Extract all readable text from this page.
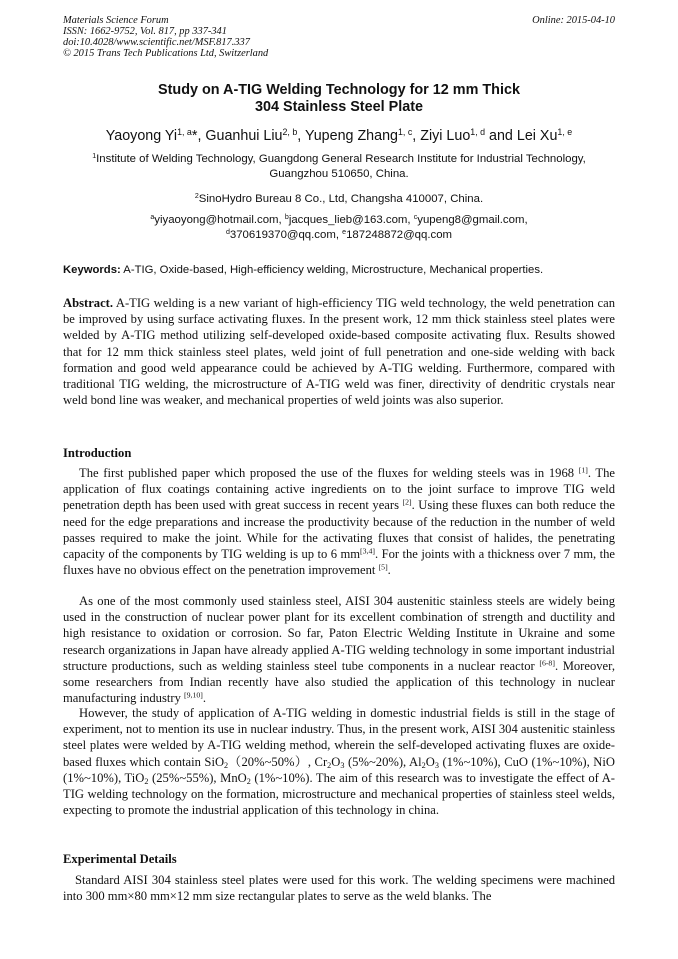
Materials Science Forum
ISSN: 1662-9752, Vol. 817, pp 337-341
doi:10.4028/www.scientific.net/MSF.817.337
© 2015 Trans Tech Publications Ltd, Switzerland
Online: 2015-04-10
Study on A-TIG Welding Technology for 12 mm Thick
304 Stainless Steel Plate
Yaoyong Yi$^{1, a}$*, Guanhui Liu$^{2, b}$, Yupeng Zhang$^{1, c}$, Ziyi Luo$^{1, d}$ and Lei Xu$^{1, e}$
$^1$Institute of Welding Technology, Guangdong General Research Institute for Industrial Technology,
Guangzhou 510650, China.
$^2$SinoHydro Bureau 8 Co., Ltd, Changsha 410007, China.
$^a$yiyaoyong@hotmail.com, $^b$jacques_lieb@163.com, $^c$yupeng8@gmail.com,
$^d$370619370@qq.com, $^e$187248872@qq.com
Keywords: A-TIG, Oxide-based, High-efficiency welding, Microstructure, Mechanical properties.
Abstract. A-TIG welding is a new variant of high-efficiency TIG weld technology, the weld penetration can be improved by using surface activating fluxes. In the present work, 12 mm thick stainless steel plates were welded by A-TIG method utilizing self-developed oxide-based composite activating flux. Results showed that for 12 mm thick stainless steel plates, weld joint of full penetration and one-side welding with back formation and good weld appearance could be achieved by A-TIG welding. Furthermore, compared with traditional TIG welding, the microstructure of A-TIG weld was finer, directivity of dendritic crystals near weld bond line was weaker, and mechanical properties of weld joints was also superior.
Introduction
The first published paper which proposed the use of the fluxes for welding steels was in 1968 [1]. The application of flux coatings containing active ingredients on to the joint surface to improve TIG weld penetration depth has been used with great success in recent years [2]. Using these fluxes can both reduce the need for the edge preparations and increase the productivity because of the reduction in the number of weld passes required to make the joint. While for the activating fluxes that consist of halides, the penetrating capacity of the components by TIG welding is up to 6 mm[3,4]. For the joints with a thickness over 7 mm, the fluxes have no obvious effect on the penetration improvement [5].
As one of the most commonly used stainless steel, AISI 304 austenitic stainless steels are widely being used in the construction of nuclear power plant for its excellent combination of strength and ductility and high resistance to oxidation or corrosion. So far, Paton Electric Welding Institute in Ukraine and some research organizations in Japan have already applied A-TIG welding technology in some important industrial structure productions, such as welding stainless steel tube components in a nuclear reactor [6-8]. Moreover, some researchers from Indian recently have also studied the application of this technology in nuclear manufacturing industry [9,10].
However, the study of application of A-TIG welding in domestic industrial fields is still in the stage of experiment, not to mention its use in nuclear industry. Thus, in the present work, AISI 304 austenitic stainless steel plates were welded by A-TIG welding method, wherein the self-developed activating fluxes are oxide-based fluxes which contain SiO$_2$（20%~50%）, $Cr_2O_3$ (5%~20%), $Al_2O_3$ (1%~10%), CuO (1%~10%), NiO (1%~10%), TiO$_2$ (25%~55%), MnO$_2$ (1%~10%). The aim of this research was to investigate the effect of A-TIG welding technology on the formation, microstructure and mechanical properties of stainless steel welds, expecting to promote the industrial application of this technology in china.
Experimental Details
Standard AISI 304 stainless steel plates were used for this work. The welding specimens were machined into 300 mm×80 mm×12 mm size rectangular plates to serve as the weld blanks. The
